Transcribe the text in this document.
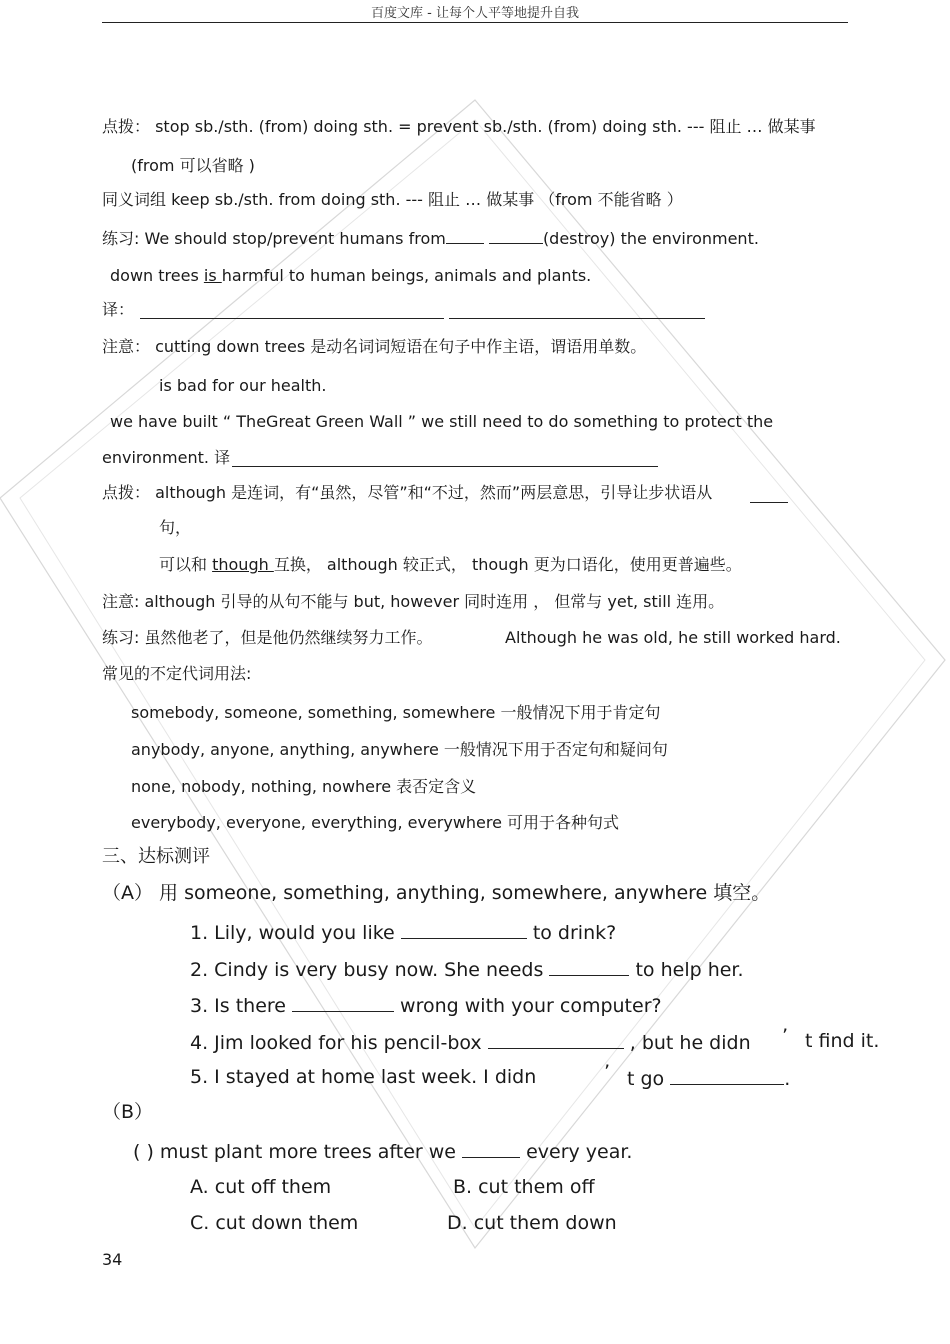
百度文库 - 让每个人平等地提升自我
点拨： stop sb./sth. (from) doing sth. = prevent sb./sth. (from) doing sth. --- 阻止 … 做某事
(from 可以省略 )
同义词组 keep sb./sth. from doing sth. --- 阻止 … 做某事 （from 不能省略 ）
练习: We should stop/prevent humans from	(destroy) the environment.
down trees is harmful to human beings, animals and plants.
译：
注意： cutting down trees 是动名词词短语在句子中作主语，谓语用单数。
is bad for our health.
we have built “ TheGreat Green Wall ” we still need to do something to protect the
environment. 译
点拨： although 是连词，有“虽然，尽管”和“不过，然而”两层意思，引导让步状语从
句，
可以和 though 互换， although 较正式， though 更为口语化，使用更普遍些。
注意: although 引导的从句不能与 but, however 同时连用 ， 但常与 yet, still 连用。
练习: 虽然他老了，但是他仍然继续努力工作。	Although he was old, he still worked hard.
常见的不定代词用法:
somebody, someone, something, somewhere 一般情况下用于肯定句
anybody, anyone, anything, anywhere 一般情况下用于否定句和疑问句
none, nobody, nothing, nowhere 表否定含义
everybody, everyone, everything, everywhere 可用于各种句式
三、达标测评
（A） 用 someone, something, anything, somewhere, anywhere 填空。
1. Lily, would you like	to drink?
2. Cindy is very busy now. She needs	to help her.
3. Is there	wrong with your computer?
4. Jim looked for his pencil-box	, but he didn ’ t find it.
5. I stayed at home last week. I didn	’ t go	.
（B）
( ) must plant more trees after we	every year.
A. cut off them	B. cut them off
C. cut down them	D. cut them down
34
